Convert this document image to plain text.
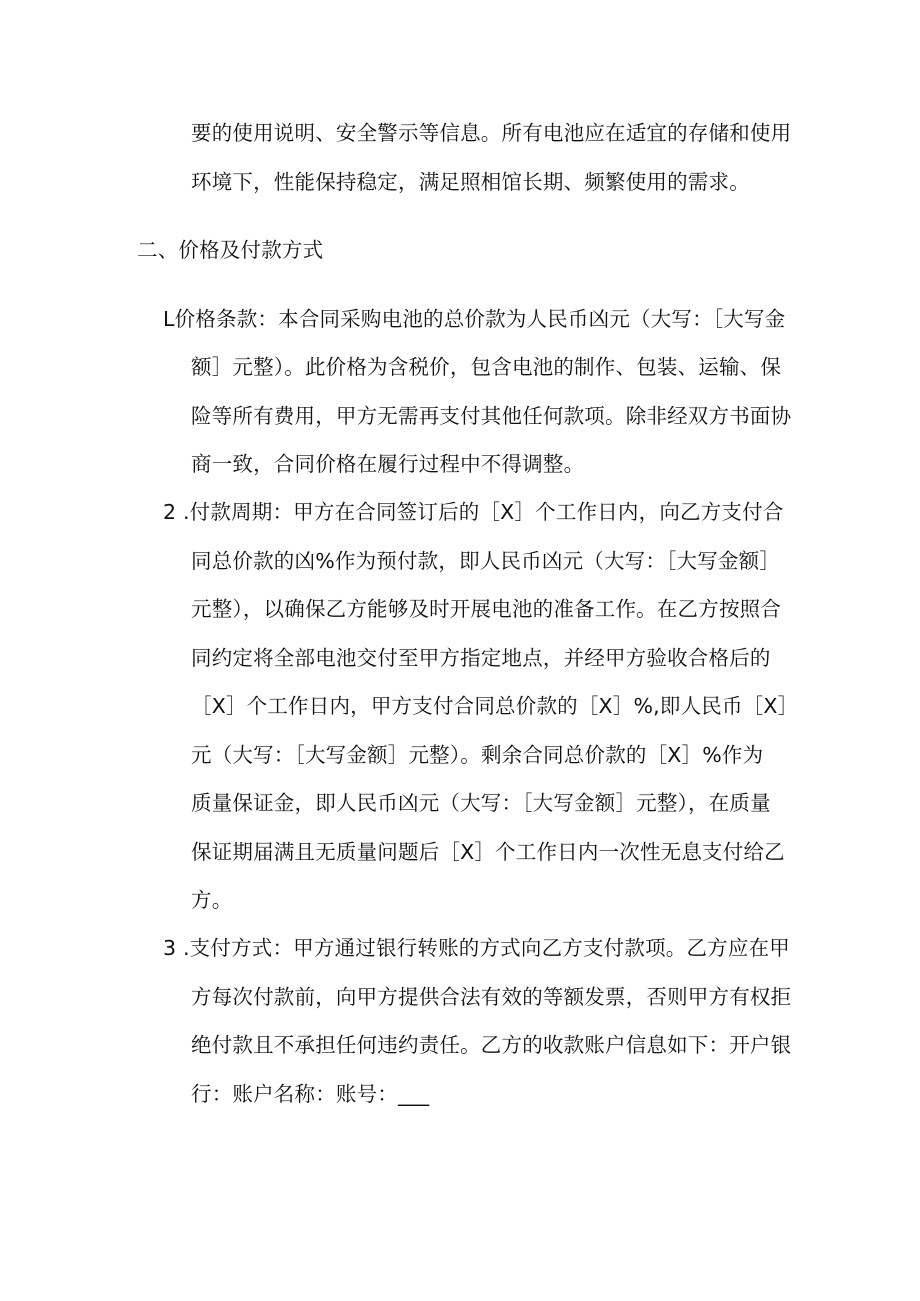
要的使用说明、安全警示等信息。所有电池应在适宜的存储和使用
环境下，性能保持稳定，满足照相馆长期、频繁使用的需求。
二、价格及付款方式
L价格条款：本合同采购电池的总价款为人民币凶元（大写：［大写金
额］元整）。此价格为含税价，包含电池的制作、包装、运输、保
险等所有费用，甲方无需再支付其他任何款项。除非经双方书面协
商一致，合同价格在履行过程中不得调整。
2 .付款周期：甲方在合同签订后的［X］个工作日内，向乙方支付合
同总价款的凶%作为预付款，即人民币凶元（大写：［大写金额］
元整），以确保乙方能够及时开展电池的准备工作。在乙方按照合
同约定将全部电池交付至甲方指定地点，并经甲方验收合格后的
［X］个工作日内，甲方支付合同总价款的［X］%,即人民币［X］
元（大写：［大写金额］元整）。剩余合同总价款的［X］%作为
质量保证金，即人民币凶元（大写：［大写金额］元整），在质量
保证期届满且无质量问题后［X］个工作日内一次性无息支付给乙
方。
3 .支付方式：甲方通过银行转账的方式向乙方支付款项。乙方应在甲
方每次付款前，向甲方提供合法有效的等额发票，否则甲方有权拒
绝付款且不承担任何违约责任。乙方的收款账户信息如下：开户银
行：账户名称：账号：___
